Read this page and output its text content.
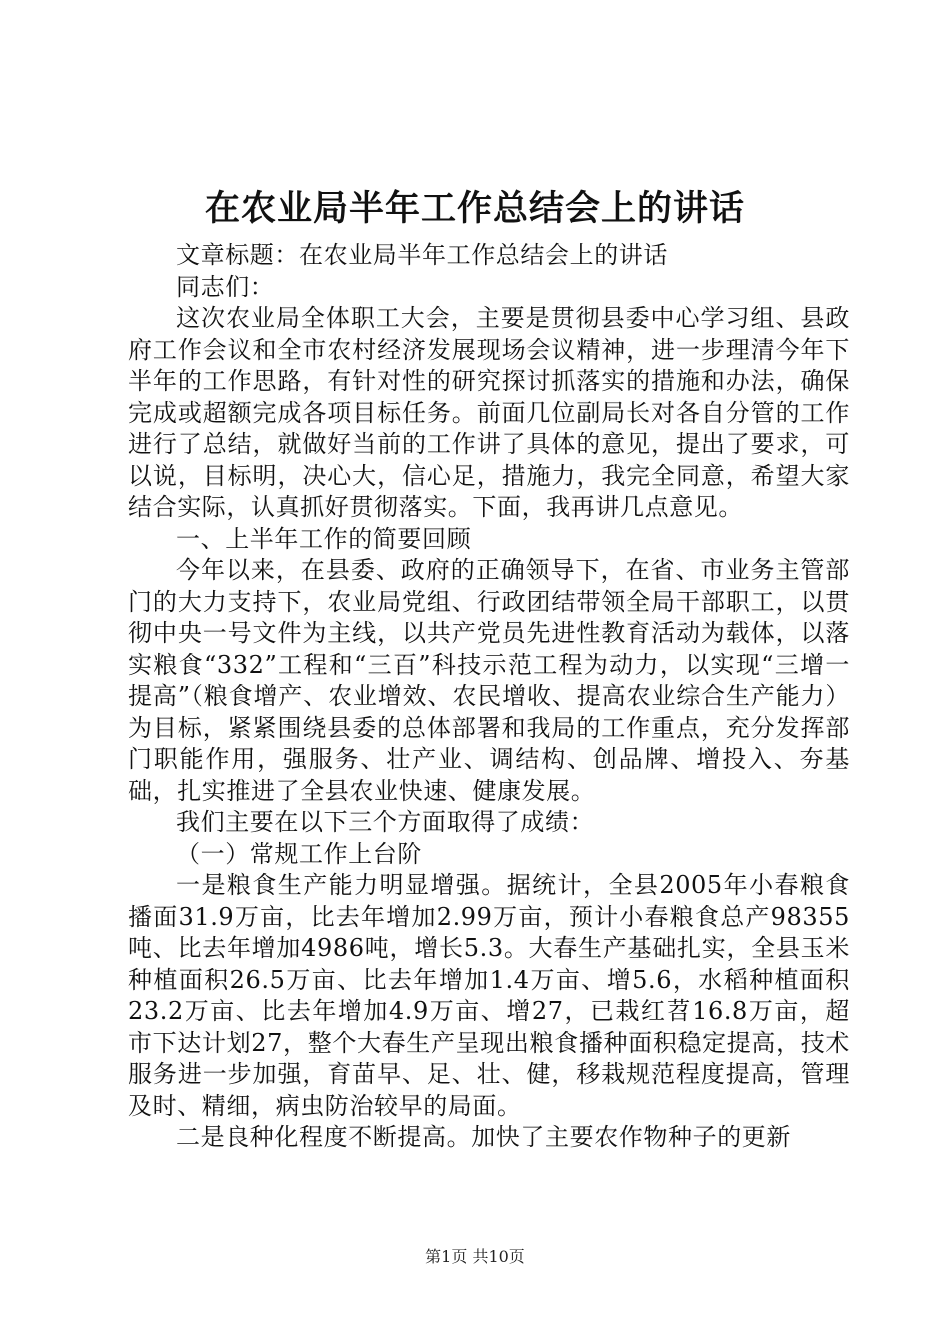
在农业局半年工作总结会上的讲话

文章标题：在农业局半年工作总结会上的讲话

同志们：

这次农业局全体职工大会，主要是贯彻县委中心学习组、县政府工作会议和全市农村经济发展现场会议精神，进一步理清今年下半年的工作思路，有针对性的研究探讨抓落实的措施和办法，确保完成或超额完成各项目标任务。前面几位副局长对各自分管的工作进行了总结，就做好当前的工作讲了具体的意见，提出了要求，可以说，目标明，决心大，信心足，措施力，我完全同意，希望大家结合实际，认真抓好贯彻落实。下面，我再讲几点意见。

一、上半年工作的简要回顾

今年以来，在县委、政府的正确领导下，在省、市业务主管部门的大力支持下，农业局党组、行政团结带领全局干部职工，以贯彻中央一号文件为主线，以共产党员先进性教育活动为载体，以落实粮食“332”工程和“三百”科技示范工程为动力，以实现“三增一提高”（粮食增产、农业增效、农民增收、提高农业综合生产能力）为目标，紧紧围绕县委的总体部署和我局的工作重点，充分发挥部门职能作用，强服务、壮产业、调结构、创品牌、增投入、夯基础，扎实推进了全县农业快速、健康发展。

我们主要在以下三个方面取得了成绩：

（一）常规工作上台阶

一是粮食生产能力明显增强。据统计，全县2005年小春粮食播面31.9万亩，比去年增加2.99万亩，预计小春粮食总产98355吨、比去年增加4986吨，增长5.3。大春生产基础扎实，全县玉米种植面积26.5万亩、比去年增加1.4万亩、增5.6，水稻种植面积23.2万亩、比去年增加4.9万亩、增27，已栽红苕16.8万亩，超市下达计划27，整个大春生产呈现出粮食播种面积稳定提高，技术服务进一步加强，育苗早、足、壮、健，移栽规范程度提高，管理及时、精细，病虫防治较早的局面。

二是良种化程度不断提高。加快了主要农作物种子的更新

第1页 共10页
